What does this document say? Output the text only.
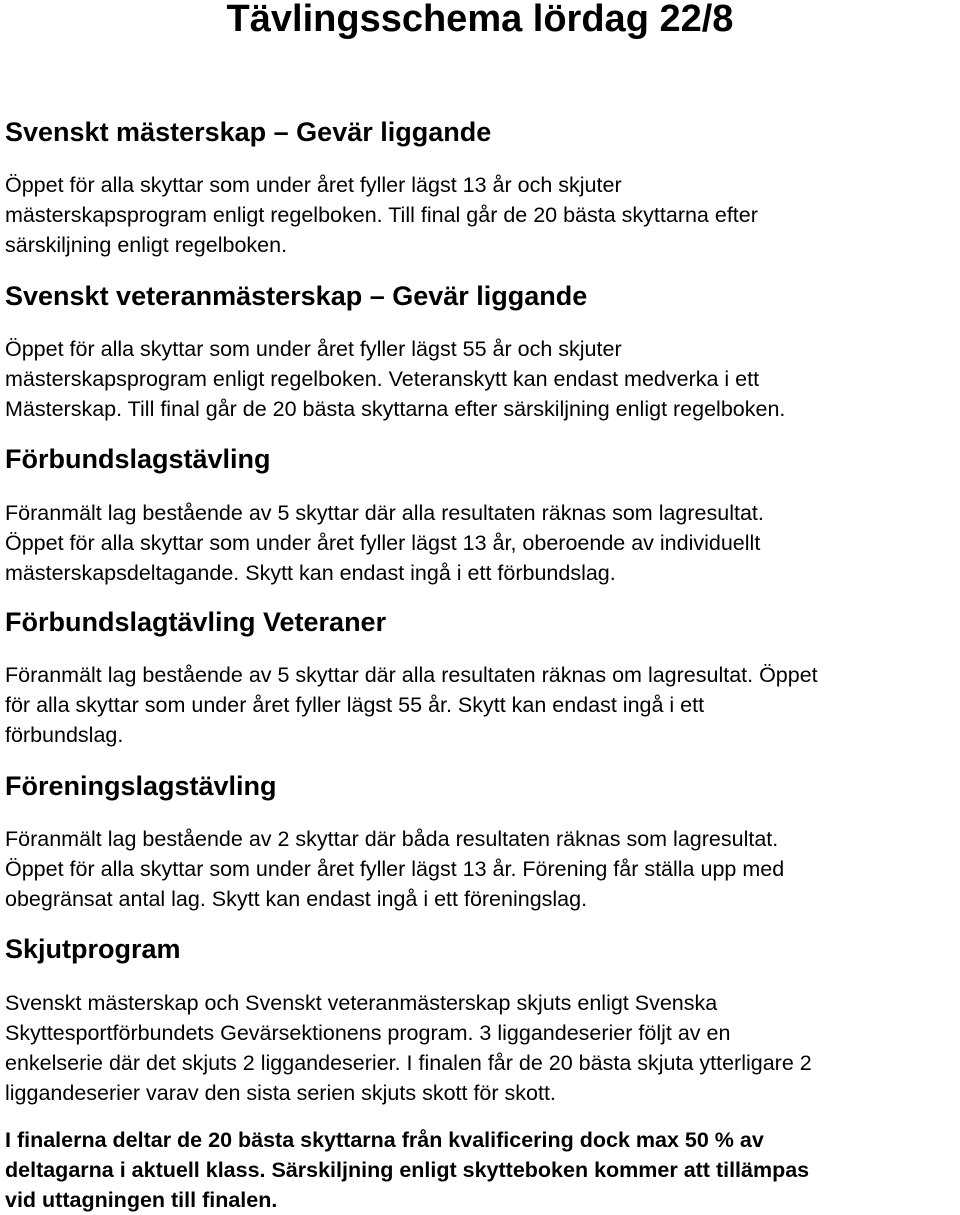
Tävlingsschema lördag 22/8
Svenskt mästerskap – Gevär liggande

Öppet för alla skyttar som under året fyller lägst 13 år och skjuter
mästerskapsprogram enligt regelboken. Till final går de 20 bästa skyttarna efter
särskiljning enligt regelboken.

Svenskt veteranmästerskap – Gevär liggande

Öppet för alla skyttar som under året fyller lägst 55 år och skjuter
mästerskapsprogram enligt regelboken. Veteranskytt kan endast medverka i ett
Mästerskap. Till final går de 20 bästa skyttarna efter särskiljning enligt regelboken.

Förbundslagstävling

Föranmält lag bestående av 5 skyttar där alla resultaten räknas som lagresultat.
Öppet för alla skyttar som under året fyller lägst 13 år, oberoende av individuellt
mästerskapsdeltagande. Skytt kan endast ingå i ett förbundslag.

Förbundslagtävling Veteraner

Föranmält lag bestående av 5 skyttar där alla resultaten räknas om lagresultat. Öppet
för alla skyttar som under året fyller lägst 55 år. Skytt kan endast ingå i ett
förbundslag.

Föreningslagstävling

Föranmält lag bestående av 2 skyttar där båda resultaten räknas som lagresultat.
Öppet för alla skyttar som under året fyller lägst 13 år. Förening får ställa upp med
obegränsat antal lag. Skytt kan endast ingå i ett föreningslag.

Skjutprogram

Svenskt mästerskap och Svenskt veteranmästerskap skjuts enligt Svenska
Skyttesportförbundets Gevärsektionens program. 3 liggandeserier följt av en
enkelserie där det skjuts 2 liggandeserier. I finalen får de 20 bästa skjuta ytterligare 2
liggandeserier varav den sista serien skjuts skott för skott.

I finalerna deltar de 20 bästa skyttarna från kvalificering dock max 50 % av
deltagarna i aktuell klass. Särskiljning enligt skytteboken kommer att tillämpas
vid uttagningen till finalen.
